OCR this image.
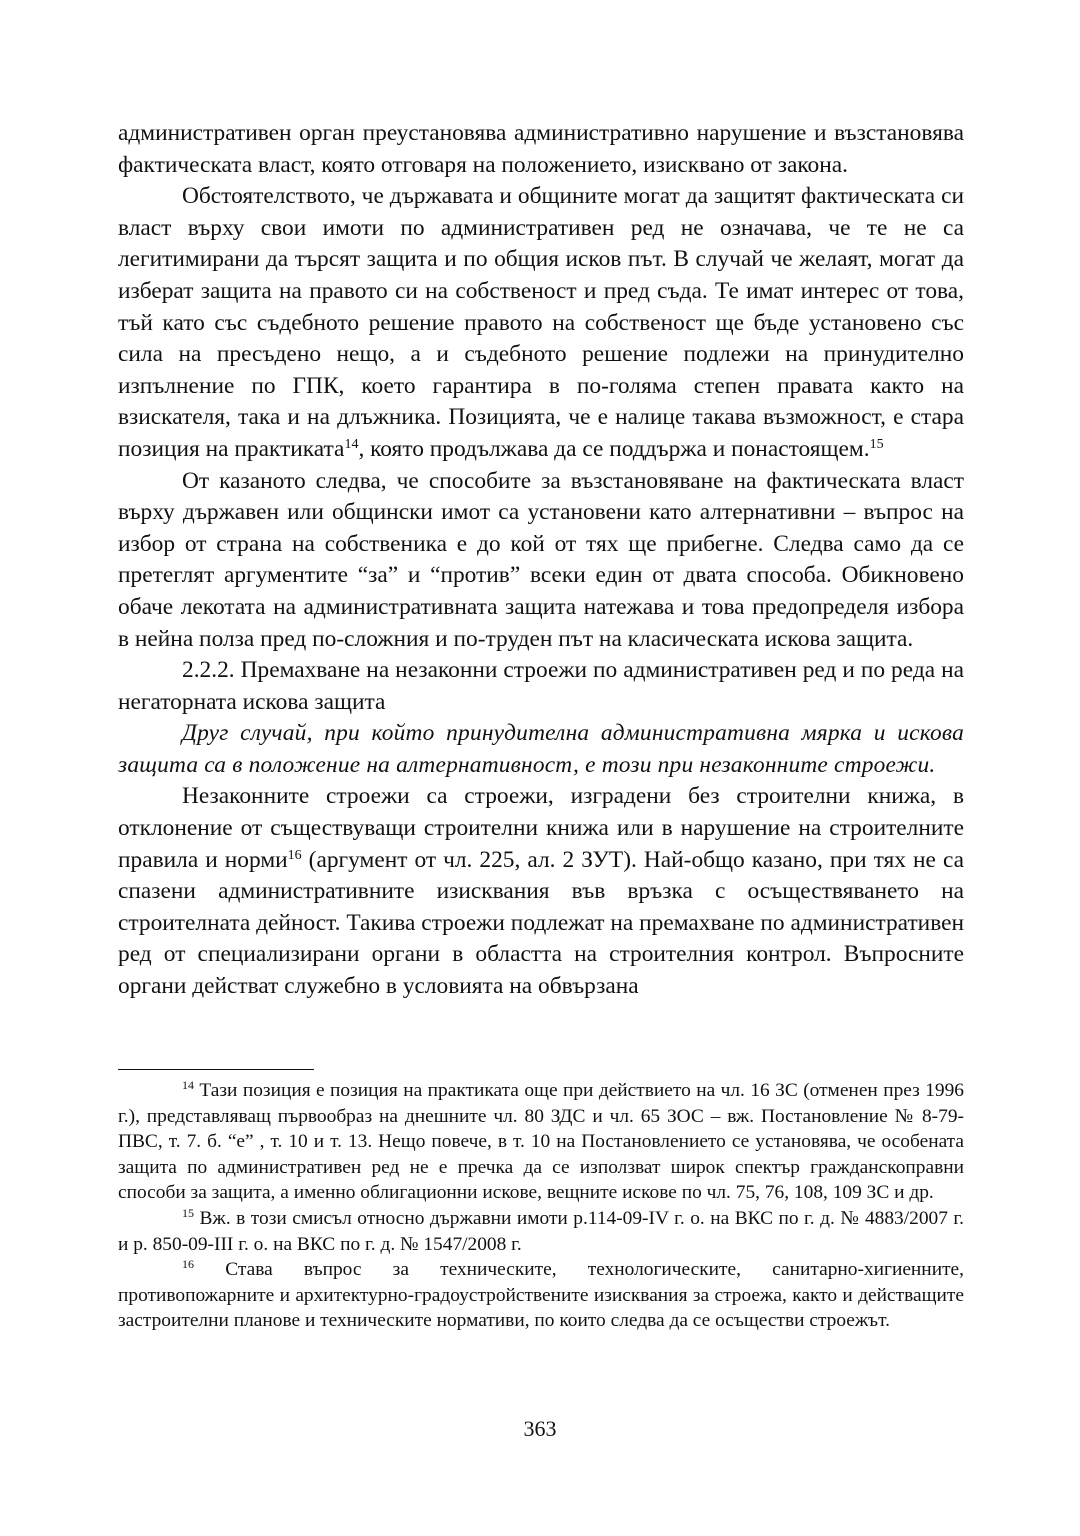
административен орган преустановява административно нарушение и възстановява фактическата власт, която отговаря на положението, изисквано от закона.

Обстоятелството, че държавата и общините могат да защитят фактическата си власт върху свои имоти по административен ред не означава, че те не са легитимирани да търсят защита и по общия исков път. В случай че желаят, могат да изберат защита на правото си на собственост и пред съда. Те имат интерес от това, тъй като със съдебното решение правото на собственост ще бъде установено със сила на пресъдено нещо, а и съдебното решение подлежи на принудително изпълнение по ГПК, което гарантира в по-голяма степен правата както на взискателя, така и на длъжника. Позицията, че е налице такава възможност, е стара позиция на практиката$^{14}$, която продължава да се поддържа и понастоящем.$^{15}$

От казаното следва, че способите за възстановяване на фактическата власт върху държавен или общински имот са установени като алтернативни – въпрос на избор от страна на собственика е до кой от тях ще прибегне. Следва само да се претеглят аргументите “за” и “против” всеки един от двата способа. Обикновено обаче лекотата на административната защита натежава и това предопределя избора в нейна полза пред по-сложния и по-труден път на класическата искова защита.

2.2.2. Премахване на незаконни строежи по административен ред и по реда на негаторната искова защита

Друг случай, при който принудителна административна мярка и искова защита са в положение на алтернативност, е този при незаконните строежи.

Незаконните строежи са строежи, изградени без строителни книжа, в отклонение от съществуващи строителни книжа или в нарушение на строителните правила и норми$^{16}$ (аргумент от чл. 225, ал. 2 ЗУТ). Най-общо казано, при тях не са спазени административните изисквания във връзка с осъществяването на строителната дейност. Такива строежи подлежат на премахване по административен ред от специализирани органи в областта на строителния контрол. Въпросните органи действат служебно в условията на обвързана

$^{14}$ Тази позиция е позиция на практиката още при действието на чл. 16 ЗС (отменен през 1996 г.), представляващ първообраз на днешните чл. 80 ЗДС и чл. 65 ЗОС – вж. Постановление № 8-79-ПВС, т. 7. б. “е” , т. 10 и т. 13. Нещо повече, в т. 10 на Постановлението се установява, че особената защита по административен ред не е пречка да се използват широк спектър гражданскоправни способи за защита, а именно облигационни искове, вещните искове по чл. 75, 76, 108, 109 ЗС и др.

$^{15}$ Вж. в този смисъл относно държавни имоти р.114-09-IV г. о. на ВКС по г. д. № 4883/2007 г. и р. 850-09-III г. о. на ВКС по г. д. № 1547/2008 г.

$^{16}$ Става въпрос за техническите, технологическите, санитарно-хигиенните, противопожарните и архитектурно-градоустройствените изисквания за строежа, както и действащите застроителни планове и техническите нормативи, по които следва да се осъществи строежът.

363
